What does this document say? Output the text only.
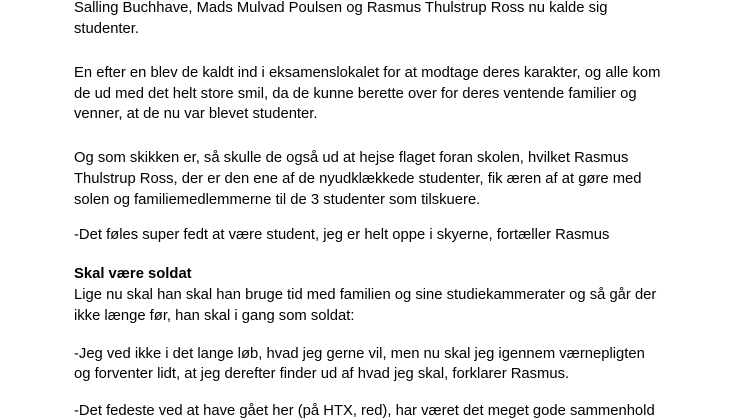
Salling Buchhave, Mads Mulvad Poulsen og Rasmus Thulstrup Ross nu kalde sig
studenter.
En efter en blev de kaldt ind i eksamenslokalet for at modtage deres karakter, og alle kom
de ud med det helt store smil, da de kunne berette over for deres ventende familier og
venner, at de nu var blevet studenter.
Og som skikken er, så skulle de også ud at hejse flaget foran skolen, hvilket Rasmus
Thulstrup Ross, der er den ene af de nyudklækkede studenter, fik æren af at gøre med
solen og familiemedlemmerne til de 3 studenter som tilskuere.
-Det føles super fedt at være student, jeg er helt oppe i skyerne, fortæller Rasmus
Skal være soldat
Lige nu skal han skal han bruge tid med familien og sine studiekammerater og så går der
ikke længe før, han skal i gang som soldat:
-Jeg ved ikke i det lange løb, hvad jeg gerne vil, men nu skal jeg igennem værnepligten
og forventer lidt, at jeg derefter finder ud af hvad jeg skal, forklarer Rasmus.
-Det fedeste ved at have gået her (på HTX, red), har været det meget gode sammenhold
